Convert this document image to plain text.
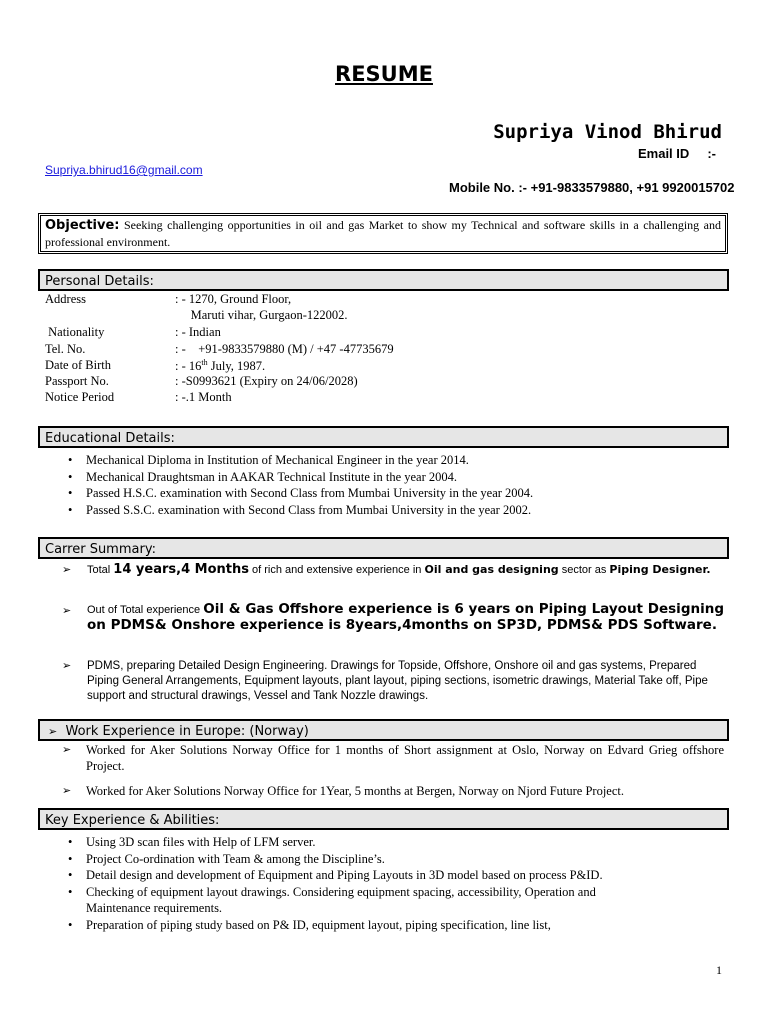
RESUME
Supriya Vinod Bhirud
Email ID     :-
Supriya.bhirud16@gmail.com
Mobile No. :- +91-9833579880, +91 9920015702
Objective: Seeking challenging opportunities in oil and gas Market to show my Technical and software skills in a challenging and professional environment.
Personal Details:
Address	: - 1270, Ground Floor,
Maruti vihar, Gurgaon-122002.
Nationality	: - Indian
Tel. No.	: -    +91-9833579880 (M) / +47 -47735679
Date of Birth	: - 16th July, 1987.
Passport No.	: -S0993621 (Expiry on 24/06/2028)
Notice Period	: -.1 Month
Educational Details:
• Mechanical Diploma in Institution of Mechanical Engineer in the year 2014.
• Mechanical Draughtsman in AAKAR Technical Institute in the year 2004.
• Passed H.S.C. examination with Second Class from Mumbai University in the year 2004.
• Passed S.S.C. examination with Second Class from Mumbai University in the year 2002.
Carrer Summary:
➢ Total 14 years,4 Months of rich and extensive experience in Oil and gas designing sector as Piping Designer.
➢ Out of Total experience Oil & Gas Offshore experience is 6 years on Piping Layout Designing on PDMS& Onshore experience is 8years,4months on SP3D, PDMS& PDS Software.
➢ PDMS, preparing Detailed Design Engineering. Drawings for Topside, Offshore, Onshore oil and gas systems, Prepared Piping General Arrangements, Equipment layouts, plant layout, piping sections, isometric drawings, Material Take off, Pipe support and structural drawings, Vessel and Tank Nozzle drawings.
➢ Work Experience in Europe: (Norway)
➢ Worked for Aker Solutions Norway Office for 1 months of Short assignment at Oslo, Norway on Edvard Grieg offshore Project.
➢ Worked for Aker Solutions Norway Office for 1Year, 5 months at Bergen, Norway on Njord Future Project.
Key Experience & Abilities:
• Using 3D scan files with Help of LFM server.
• Project Co-ordination with Team & among the Discipline’s.
• Detail design and development of Equipment and Piping Layouts in 3D model based on process P&ID.
• Checking of equipment layout drawings. Considering equipment spacing, accessibility, Operation and Maintenance requirements.
• Preparation of piping study based on P& ID, equipment layout, piping specification, line list,
1
